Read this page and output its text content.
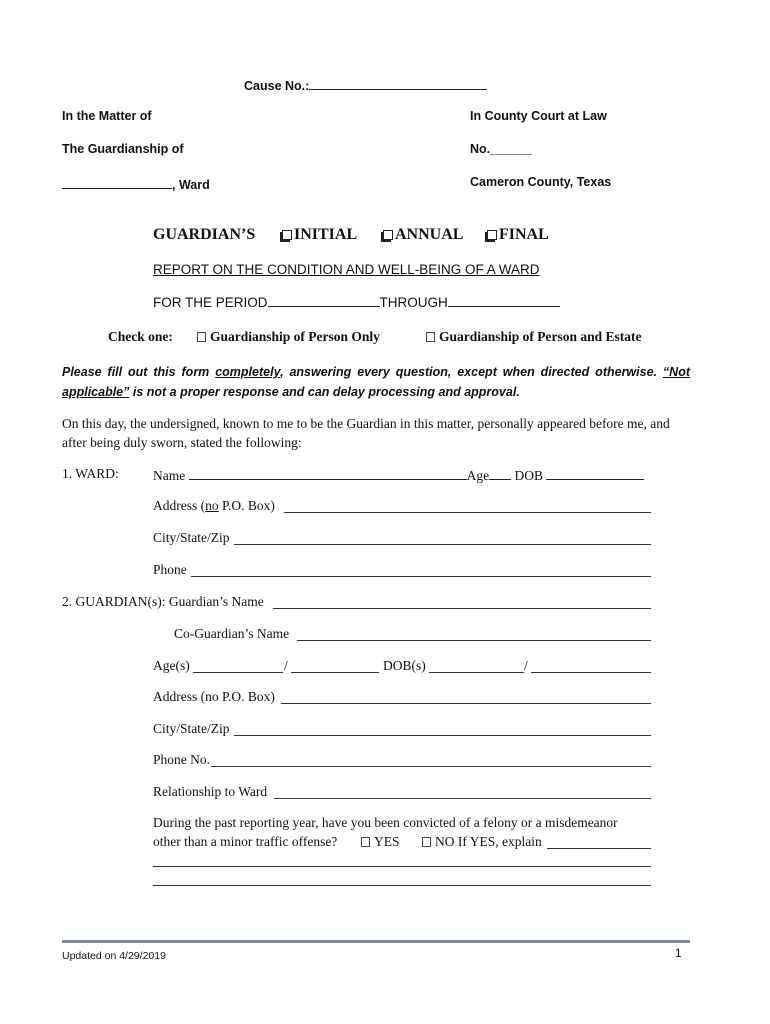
Cause No.:
In the Matter of	In County Court at Law
The Guardianship of	No.______
, Ward	Cameron County, Texas
GUARDIAN’S	INITIAL	ANNUAL	FINAL
REPORT ON THE CONDITION AND WELL-BEING OF A WARD
FOR THE PERIOD	THROUGH
Check one:	Guardianship of Person Only	Guardianship of Person and Estate
Please fill out this form completely, answering every question, except when directed otherwise. “Not applicable” is not a proper response and can delay processing and approval.
On this day, the undersigned, known to me to be the Guardian in this matter, personally appeared before me, and after being duly sworn, stated the following:
1. WARD:	Name	Age DOB
Address (no P.O. Box)
City/State/Zip
Phone
2. GUARDIAN(s): Guardian’s Name
Co-Guardian’s Name
Age(s)	/	DOB(s)	/
Address (no P.O. Box)
City/State/Zip
Phone No.
Relationship to Ward
During the past reporting year, have you been convicted of a felony or a misdemeanor
other than a minor traffic offense?	YES	NO If YES, explain
Updated on 4/29/2019	1
